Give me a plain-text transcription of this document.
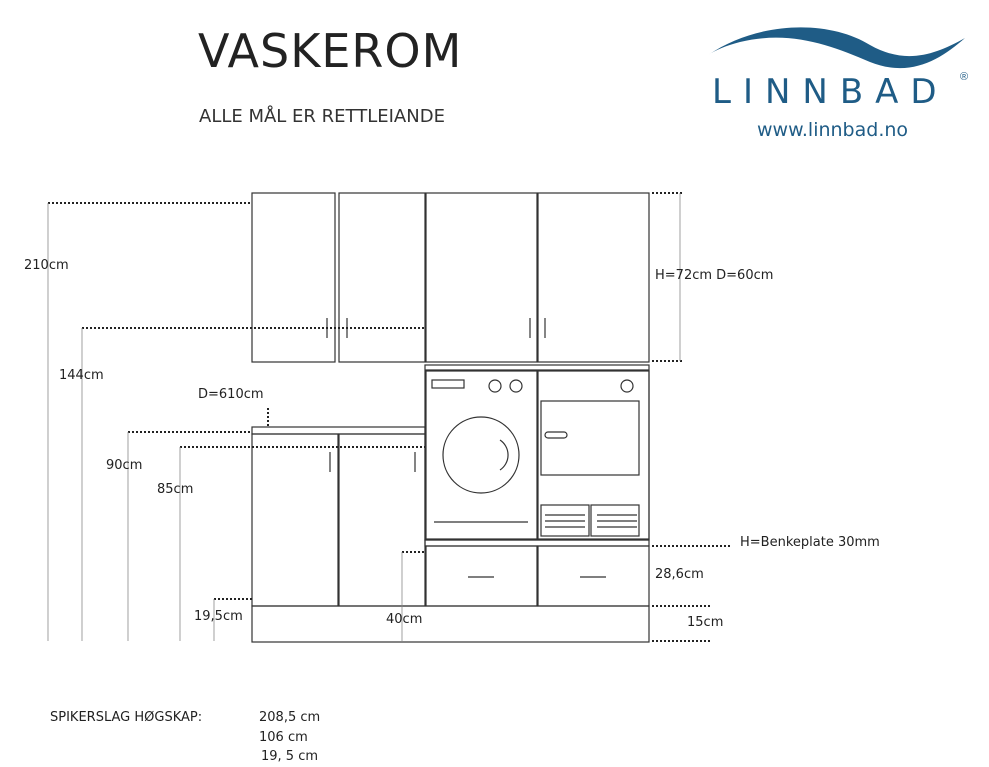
VASKEROM
ALLE MÅL ER RETTLEIANDE
LINNBAD ®
www.linnbad.no
210cm
144cm
D=610cm
90cm
85cm
19,5cm
H=72cm D=60cm
H=Benkeplate 30mm
28,6cm
40cm	15cm
SPIKERSLAG HØGSKAP:	208,5 cm
106 cm
19, 5 cm
